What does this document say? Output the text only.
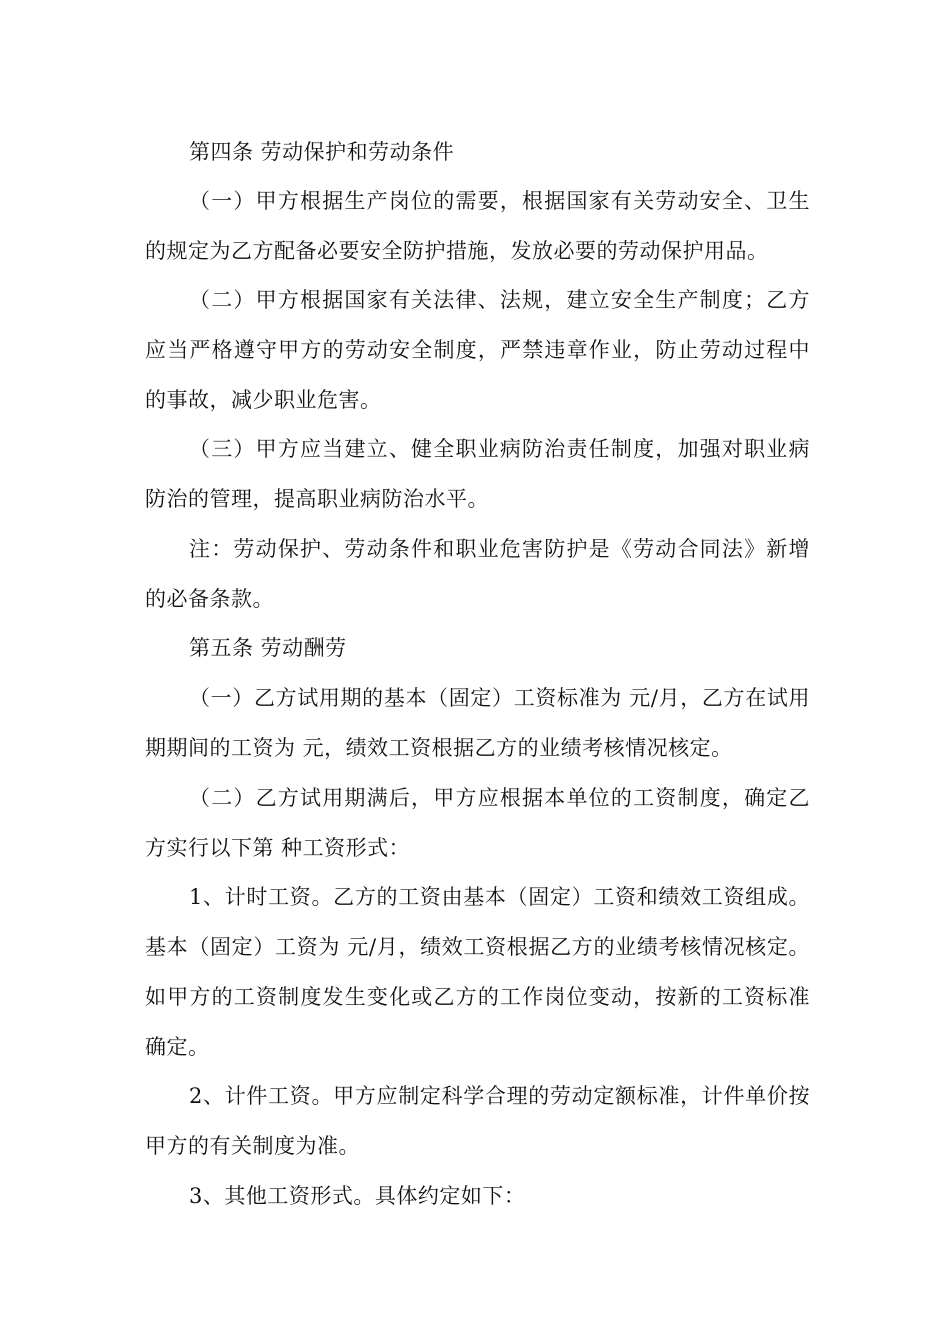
第四条 劳动保护和劳动条件

（一）甲方根据生产岗位的需要，根据国家有关劳动安全、卫生的规定为乙方配备必要安全防护措施，发放必要的劳动保护用品。

（二）甲方根据国家有关法律、法规，建立安全生产制度；乙方应当严格遵守甲方的劳动安全制度，严禁违章作业，防止劳动过程中的事故，减少职业危害。

（三）甲方应当建立、健全职业病防治责任制度，加强对职业病防治的管理，提高职业病防治水平。

注：劳动保护、劳动条件和职业危害防护是《劳动合同法》新增的必备条款。

第五条 劳动酬劳

（一）乙方试用期的基本（固定）工资标准为 元/月，乙方在试用期期间的工资为 元，绩效工资根据乙方的业绩考核情况核定。

（二）乙方试用期满后，甲方应根据本单位的工资制度，确定乙方实行以下第 种工资形式：

1、计时工资。乙方的工资由基本（固定）工资和绩效工资组成。基本（固定）工资为 元/月，绩效工资根据乙方的业绩考核情况核定。如甲方的工资制度发生变化或乙方的工作岗位变动，按新的工资标准确定。

2、计件工资。甲方应制定科学合理的劳动定额标准，计件单价按甲方的有关制度为准。

3、其他工资形式。具体约定如下：
